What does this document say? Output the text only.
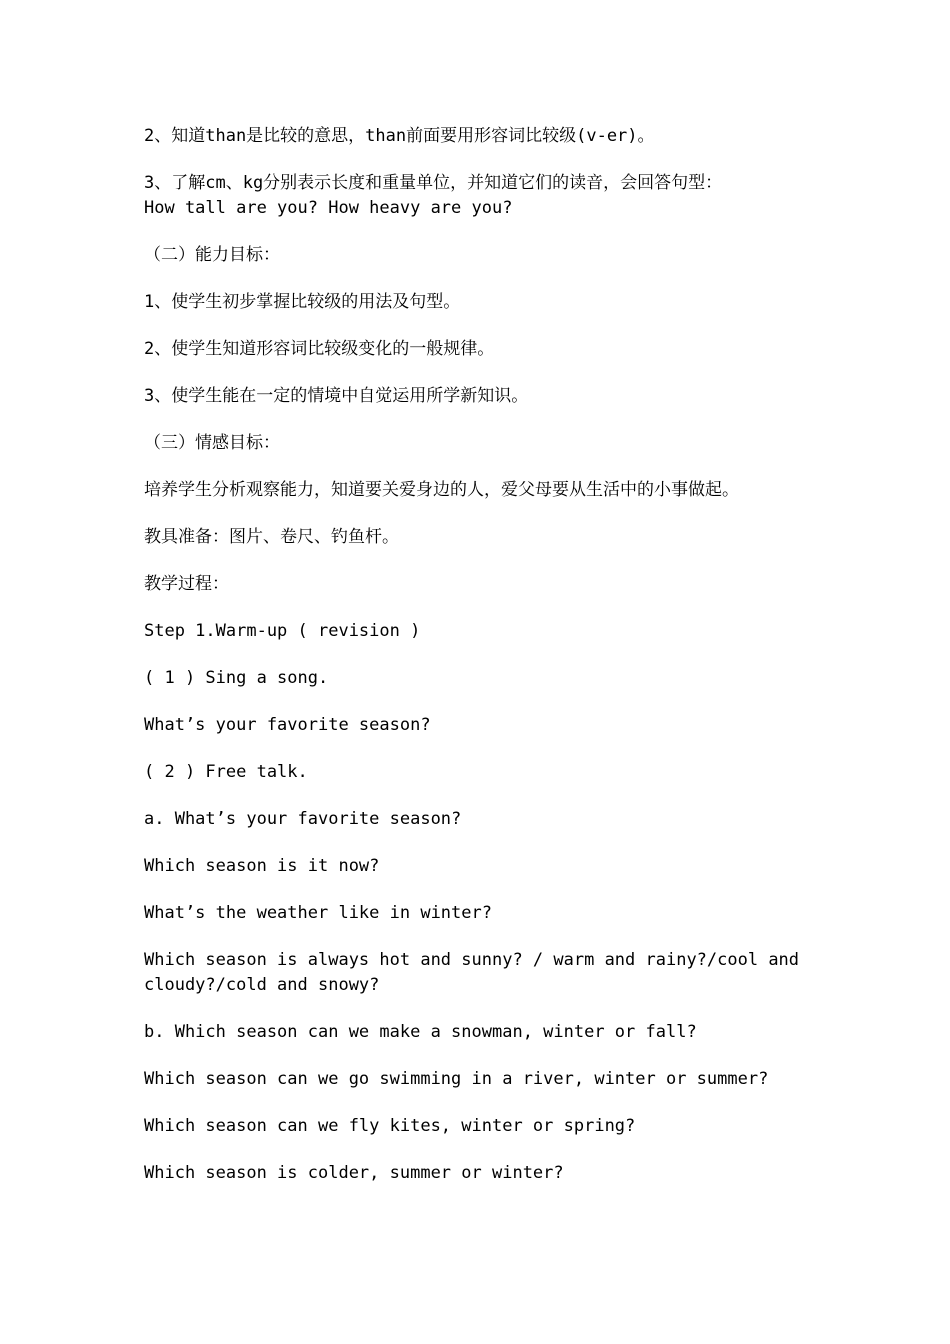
2、知道than是比较的意思，than前面要用形容词比较级(v-er)。

3、了解cm、kg分别表示长度和重量单位，并知道它们的读音，会回答句型：
How tall are you? How heavy are you?

（二）能力目标：

1、使学生初步掌握比较级的用法及句型。

2、使学生知道形容词比较级变化的一般规律。

3、使学生能在一定的情境中自觉运用所学新知识。

（三）情感目标：

培养学生分析观察能力，知道要关爱身边的人，爱父母要从生活中的小事做起。

教具准备：图片、卷尺、钓鱼杆。

教学过程：

Step 1.Warm-up ( revision )

( 1 ) Sing a song.

What’s your favorite season?

( 2 ) Free talk.

a. What’s your favorite season?

Which season is it now?

What’s the weather like in winter?

Which season is always hot and sunny? / warm and rainy?/cool and
cloudy?/cold and snowy?

b. Which season can we make a snowman, winter or fall?

Which season can we go swimming in a river, winter or summer?

Which season can we fly kites, winter or spring?

Which season is colder, summer or winter?
